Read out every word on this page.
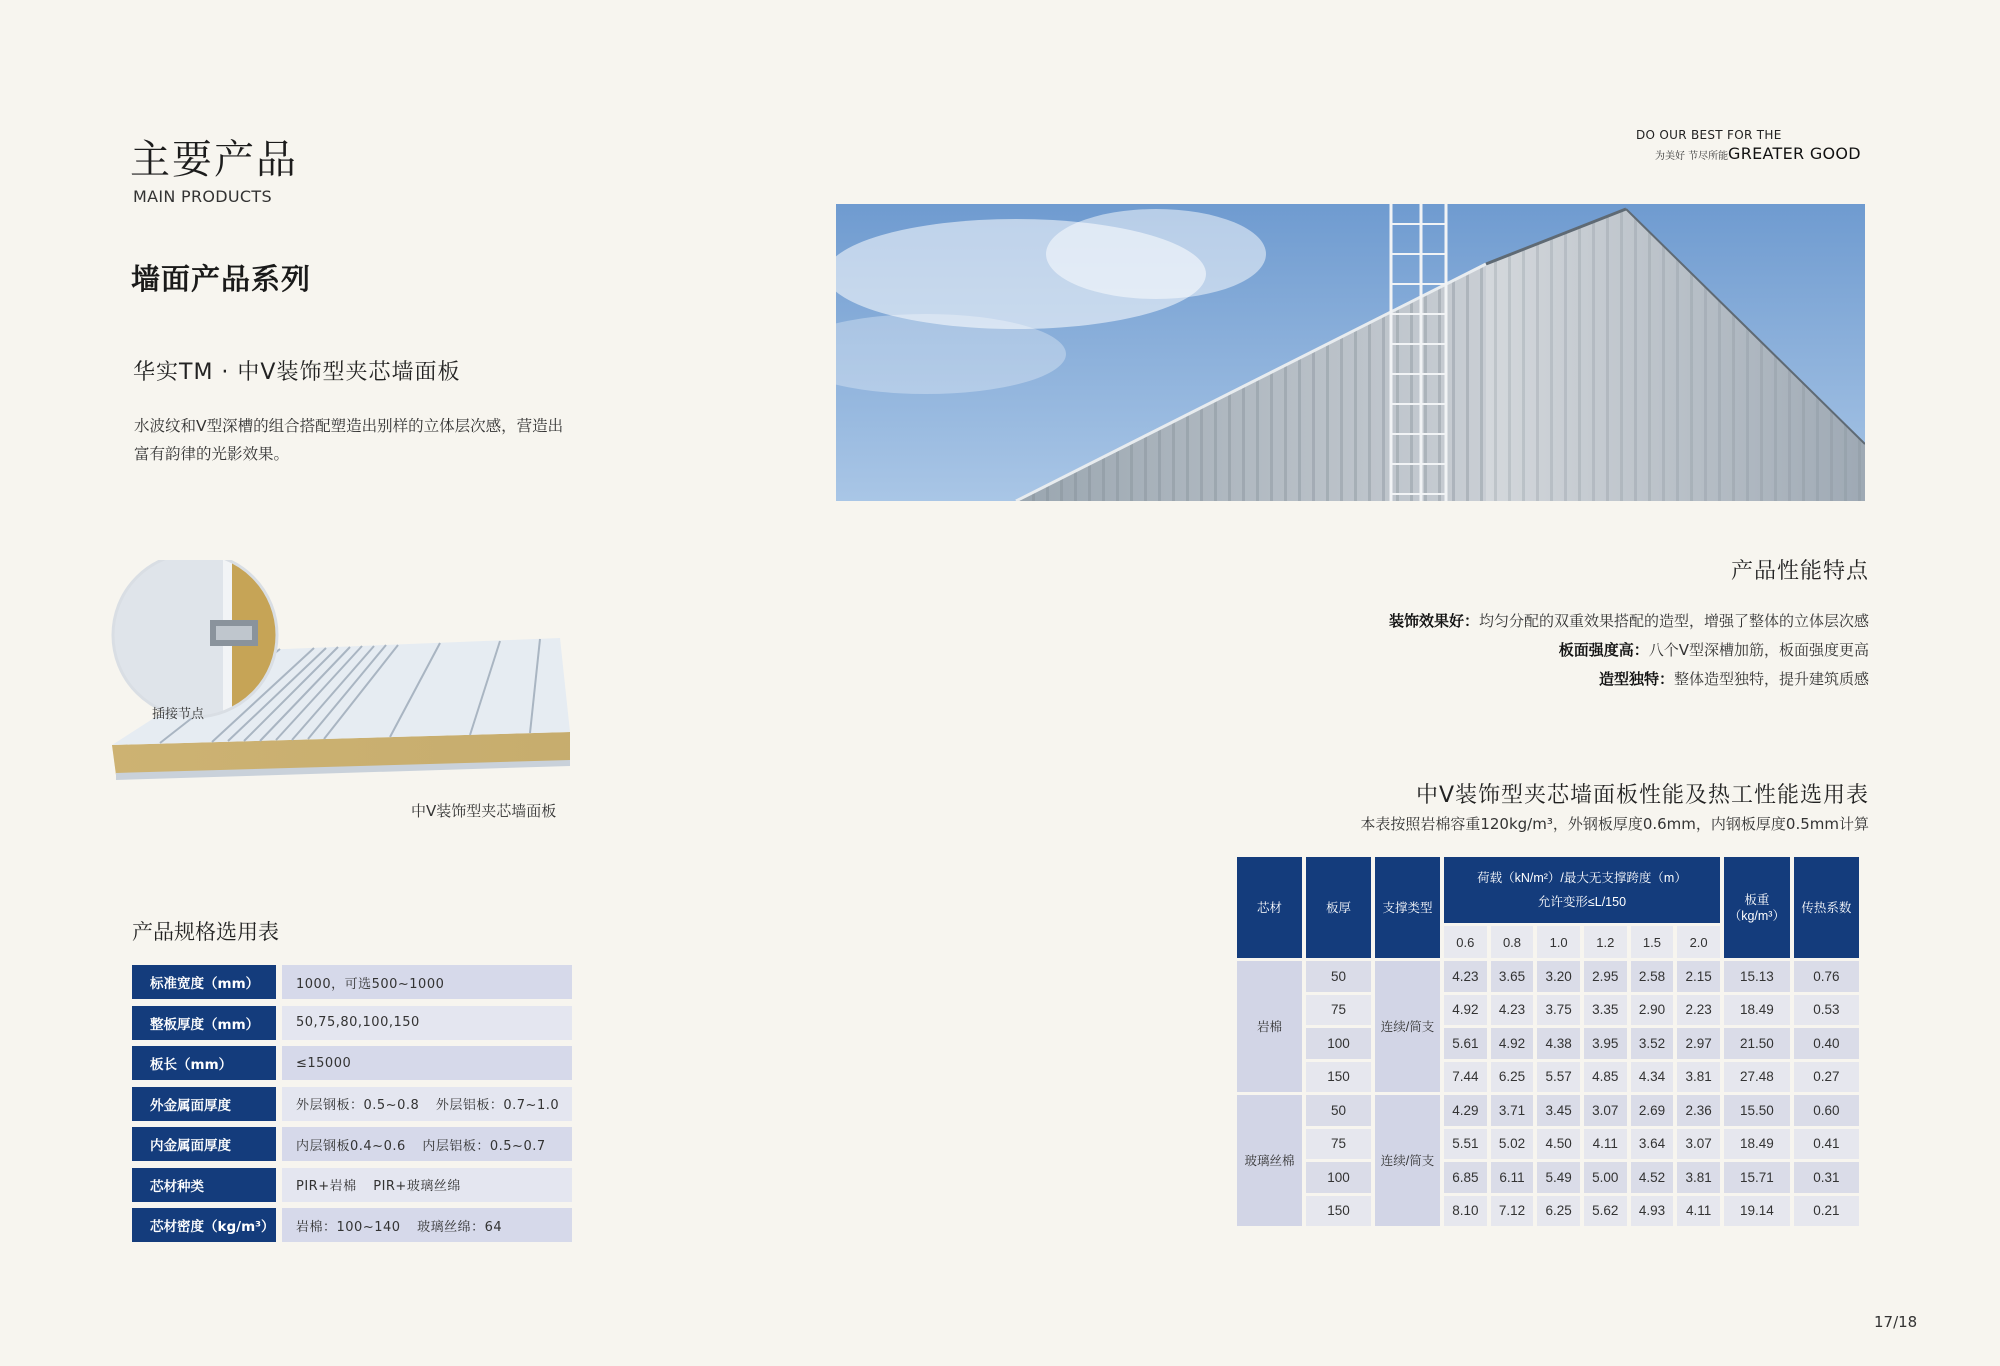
主要产品
MAIN PRODUCTS
墙面产品系列
华实TM · 中V装饰型夹芯墙面板
水波纹和V型深槽的组合搭配塑造出别样的立体层次感，营造出富有韵律的光影效果。
插接节点
中V装饰型夹芯墙面板
产品规格选用表
标准宽度（mm）	1000，可选500~1000
整板厚度（mm）	50,75,80,100,150
板长（mm）	≤15000
外金属面厚度	外层钢板：0.5~0.8 外层铝板：0.7~1.0
内金属面厚度	内层钢板0.4~0.6 内层铝板：0.5~0.7
芯材种类	PIR+岩棉 PIR+玻璃丝绵
芯材密度（kg/m³）	岩棉：100~140 玻璃丝绵：64
DO OUR BEST FOR THE
为美好 节尽所能 GREATER GOOD
产品性能特点
装饰效果好：均匀分配的双重效果搭配的造型，增强了整体的立体层次感
板面强度高：八个V型深槽加筋，板面强度更高
造型独特：整体造型独特，提升建筑质感
中V装饰型夹芯墙面板性能及热工性能选用表
本表按照岩棉容重120kg/m³，外钢板厚度0.6mm，内钢板厚度0.5mm计算
芯材	板厚	支撑类型	荷载（kN/m²）/最大无支撑跨度（m）
允许变形≤L/150						板重（kg/m³）	传热系数
			0.6	0.8	1.0	1.2	1.5	2.0		
岩棉	50	连续/简支	4.23	3.65	3.20	2.95	2.58	2.15	15.13	0.76
	75		4.92	4.23	3.75	3.35	2.90	2.23	18.49	0.53
	100		5.61	4.92	4.38	3.95	3.52	2.97	21.50	0.40
	150		7.44	6.25	5.57	4.85	4.34	3.81	27.48	0.27
玻璃丝棉	50	连续/简支	4.29	3.71	3.45	3.07	2.69	2.36	15.50	0.60
	75		5.51	5.02	4.50	4.11	3.64	3.07	18.49	0.41
	100		6.85	6.11	5.49	5.00	4.52	3.81	15.71	0.31
	150		8.10	7.12	6.25	5.62	4.93	4.11	19.14	0.21
17/18
